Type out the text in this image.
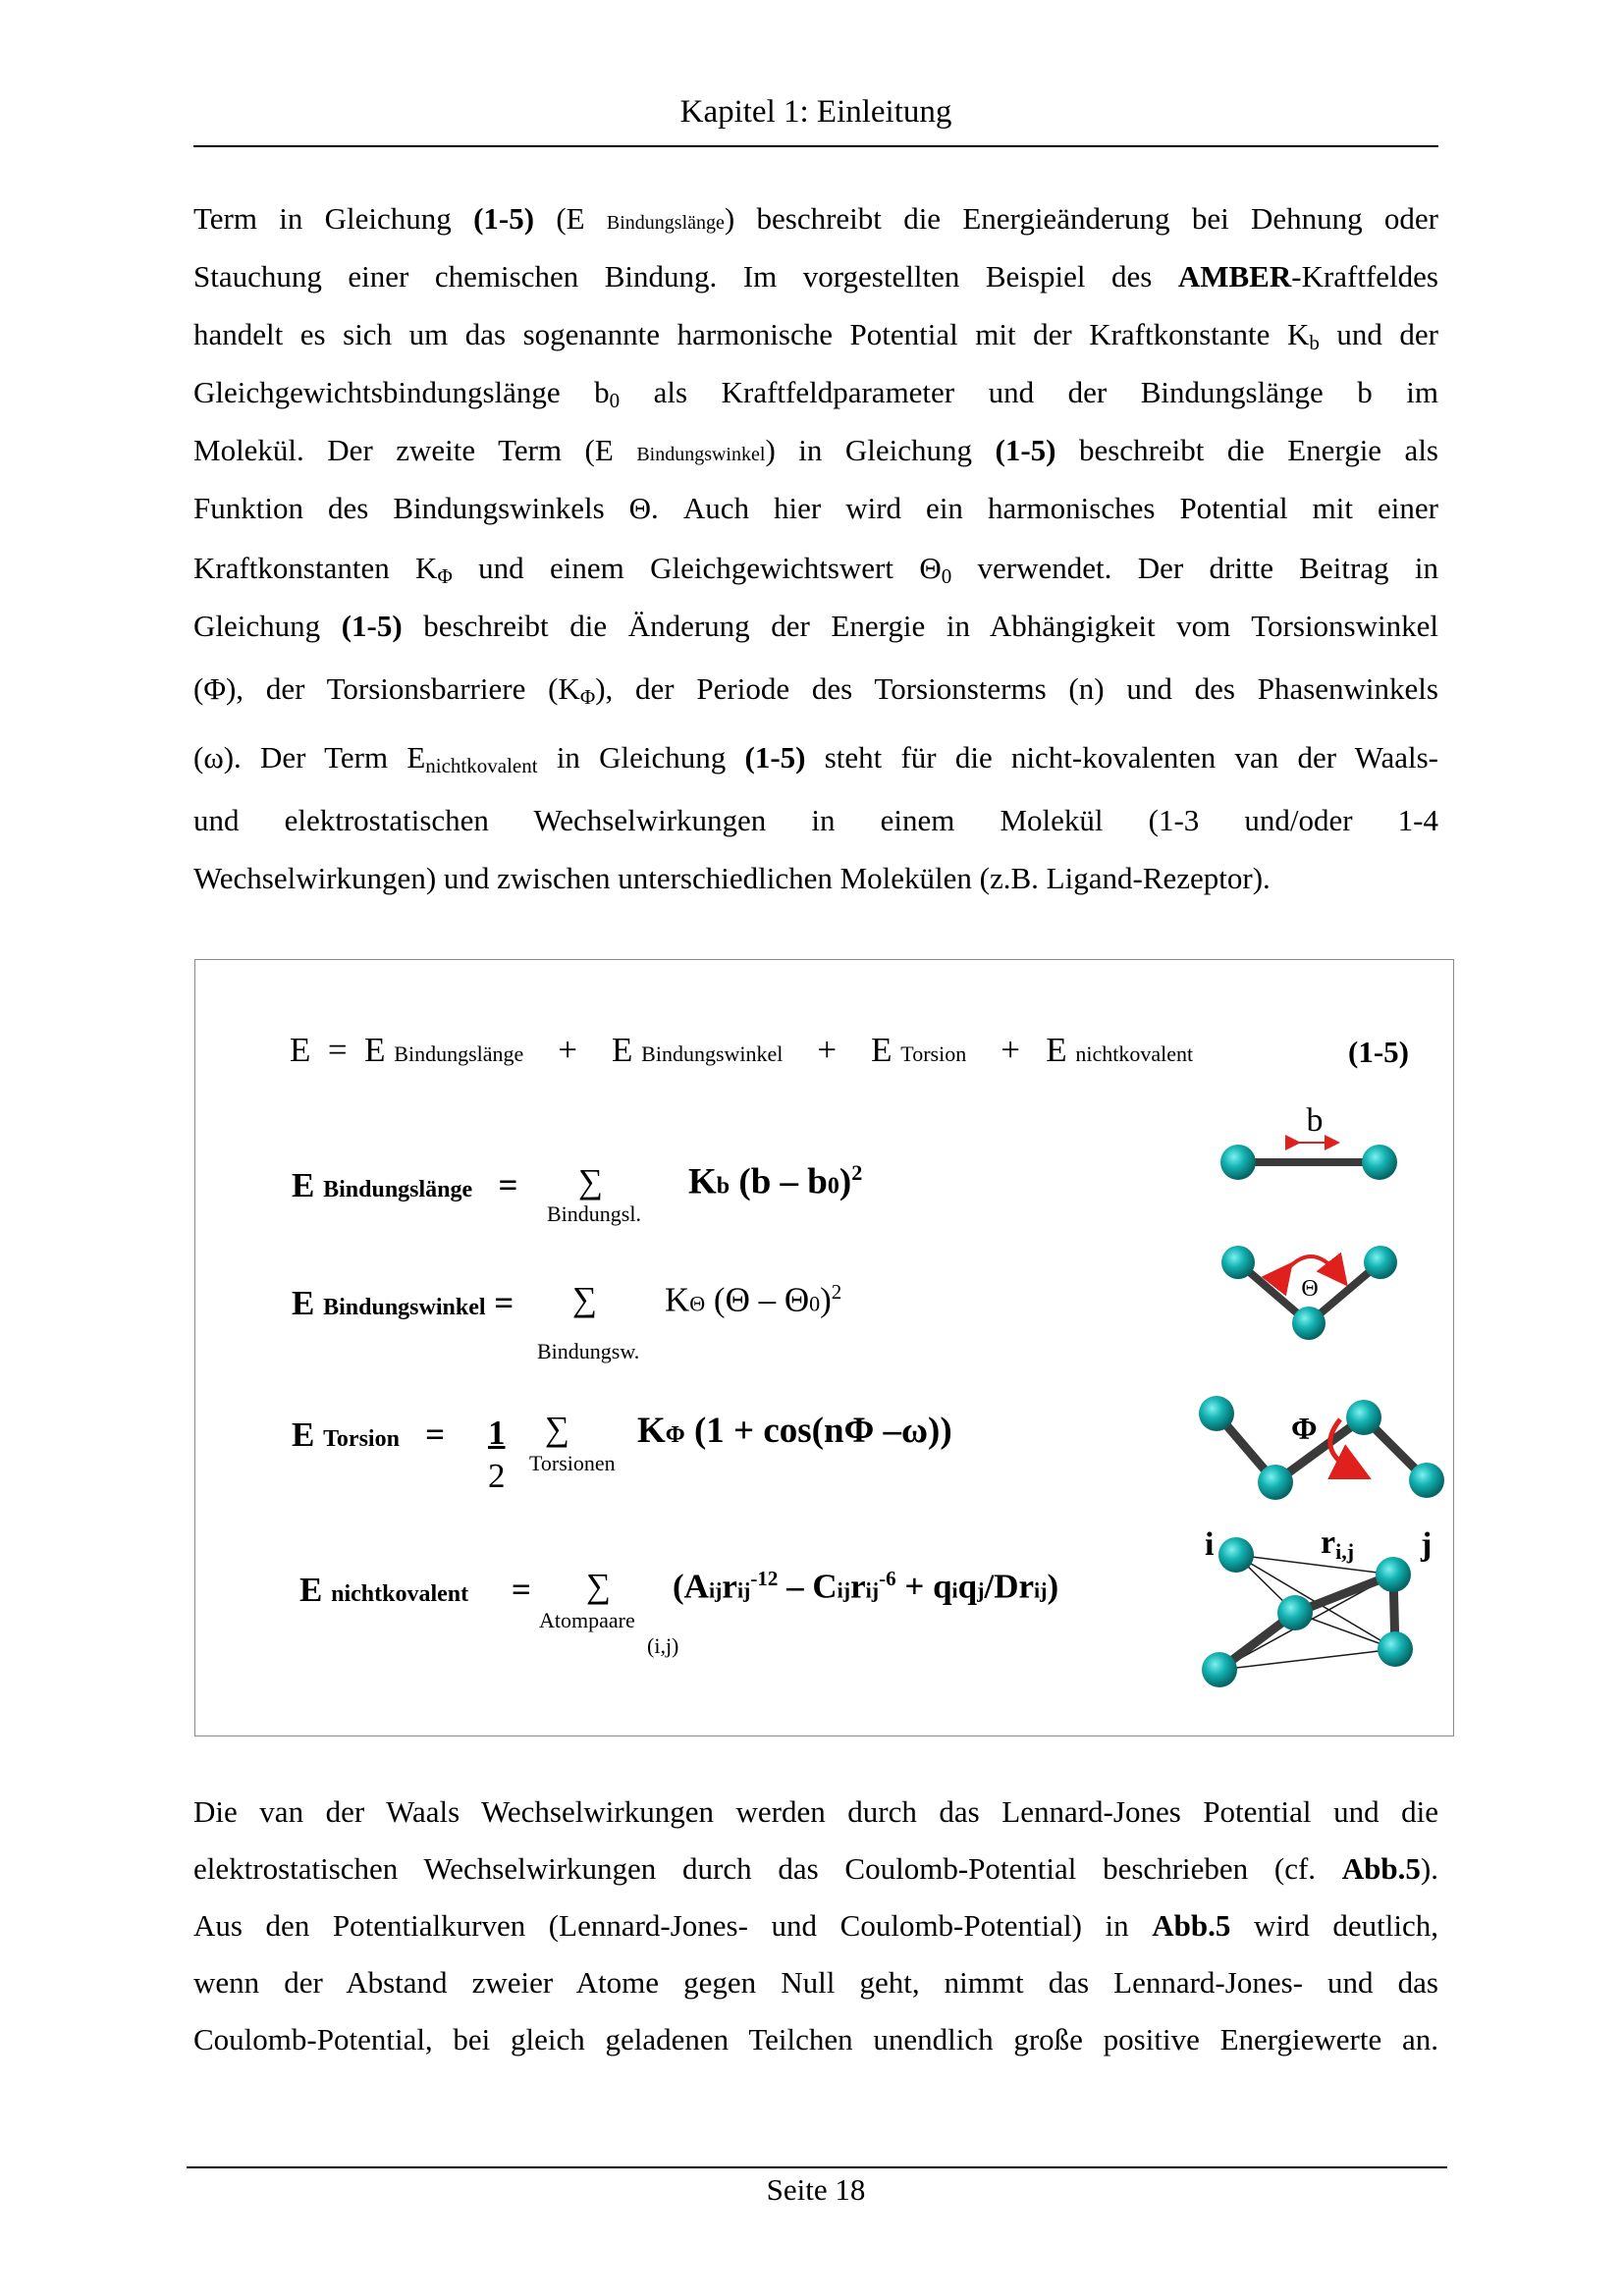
Kapitel 1: Einleitung
Term in Gleichung (1-5) (E Bindungslänge) beschreibt die Energieänderung bei Dehnung oder
Stauchung einer chemischen Bindung. Im vorgestellten Beispiel des AMBER-Kraftfeldes
handelt es sich um das sogenannte harmonische Potential mit der Kraftkonstante Kb und der
Gleichgewichtsbindungslänge b0 als Kraftfeldparameter und der Bindungslänge b im
Molekül. Der zweite Term (E Bindungswinkel) in Gleichung (1-5) beschreibt die Energie als
Funktion des Bindungswinkels Θ. Auch hier wird ein harmonisches Potential mit einer
Kraftkonstanten KΦ und einem Gleichgewichtswert Θ0 verwendet. Der dritte Beitrag in
Gleichung (1-5) beschreibt die Änderung der Energie in Abhängigkeit vom Torsionswinkel
(Φ), der Torsionsbarriere (KΦ), der Periode des Torsionsterms (n) und des Phasenwinkels
(ω). Der Term Enichtkovalent in Gleichung (1-5) steht für die nicht-kovalenten van der Waals-
und elektrostatischen Wechselwirkungen in einem Molekül (1-3 und/oder 1-4
Wechselwirkungen) und zwischen unterschiedlichen Molekülen (z.B. Ligand-Rezeptor).
E = E Bindungslänge + E Bindungswinkel + E Torsion + E nichtkovalent	(1-5)
E Bindungslänge = ∑
Bindungsl.
Kb (b – b0)$^2$
E Bindungswinkel = ∑
Bindungsw.
KΘ (Θ – Θ0)$^2$
E Torsion = 1
2
∑
Torsionen
KΦ (1 + cos(nΦ –ω))
E nichtkovalent = ∑
Atompaare
(i,j)
(Aijrij$^{-12}$ – Cijrij$^{-6}$ + qiqj/Drij)
b
Θ
Φ
i	j
ri,j
Die van der Waals Wechselwirkungen werden durch das Lennard-Jones Potential und die
elektrostatischen Wechselwirkungen durch das Coulomb-Potential beschrieben (cf. Abb.5).
Aus den Potentialkurven (Lennard-Jones- und Coulomb-Potential) in Abb.5 wird deutlich,
wenn der Abstand zweier Atome gegen Null geht, nimmt das Lennard-Jones- und das
Coulomb-Potential, bei gleich geladenen Teilchen unendlich große positive Energiewerte an.
Seite 18
